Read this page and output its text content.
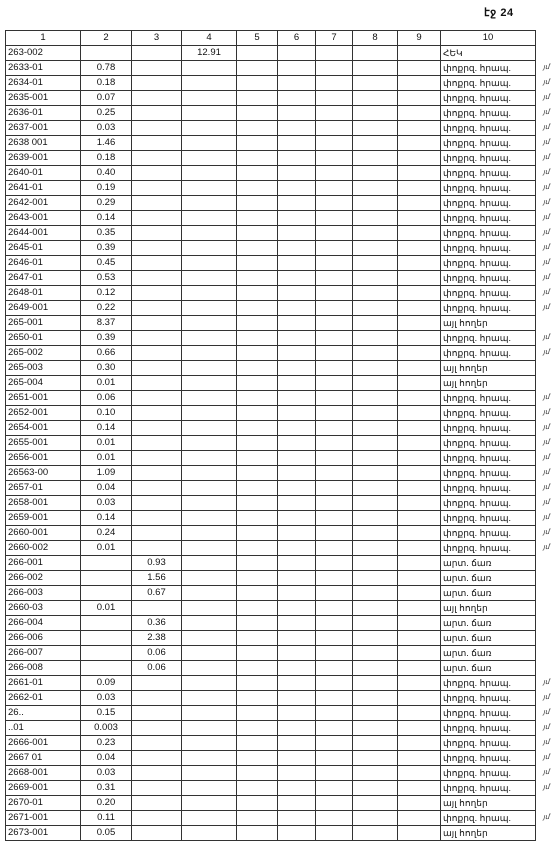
էջ 24
1	2	3	4	5	6	7	8	9	10
263-002			12.91						ՀԵԿ
2633-01	0.78								փոքրզ. հրապ.
2634-01	0.18								փոքրզ. հրապ.
2635-001	0.07								փոքրզ. հրապ.
2636-01	0.25								փոքրզ. հրապ.
2637-001	0.03								փոքրզ. հրապ.
2638 001	1.46								փոքրզ. հրապ.
2639-001	0.18								փոքրզ. հրապ.
2640-01	0.40								փոքրզ. հրապ.
2641-01	0.19								փոքրզ. հրապ.
2642-001	0.29								փոքրզ. հրապ.
2643-001	0.14								փոքրզ. հրապ.
2644-001	0.35								փոքրզ. հրապ.
2645-01	0.39								փոքրզ. հրապ.
2646-01	0.45								փոքրզ. հրապ.
2647-01	0.53								փոքրզ. հրապ.
2648-01	0.12								փոքրզ. հրապ.
2649-001	0.22								փոքրզ. հրապ.
265-001	8.37								այլ հողեր
2650-01	0.39								փոքրզ. հրապ.
265-002	0.66								փոքրզ. հրապ.
265-003	0.30								այլ հողեր
265-004	0.01								այլ հողեր
2651-001	0.06								փոքրզ. հրապ.
2652-001	0.10								փոքրզ. հրապ.
2654-001	0.14								փոքրզ. հրապ.
2655-001	0.01								փոքրզ. հրապ.
2656-001	0.01								փոքրզ. հրապ.
26563-00	1.09								փոքրզ. հրապ.
2657-01	0.04								փոքրզ. հրապ.
2658-001	0.03								փոքրզ. հրապ.
2659-001	0.14								փոքրզ. հրապ.
2660-001	0.24								փոքրզ. հրապ.
2660-002	0.01								փոքրզ. հրապ.
266-001		0.93							արտ. ճառ
266-002		1.56							արտ. ճառ
266-003		0.67							արտ. ճառ
2660-03	0.01								այլ հողեր
266-004		0.36							արտ. ճառ
266-006		2.38							արտ. ճառ
266-007		0.06							արտ. ճառ
266-008		0.06							արտ. ճառ
2661-01	0.09								փոքրզ. հրապ.
2662-01	0.03								փոքրզ. հրապ.
26..	0.15								փոքրզ. հրապ.
..01	0.003								փոքրզ. հրապ.
2666-001	0.23								փոքրզ. հրապ.
2667 01	0.04								փոքրզ. հրապ.
2668-001	0.03								փոքրզ. հրապ.
2669-001	0.31								փոքրզ. հրապ.
2670-01	0.20								այլ հողեր
2671-001	0.11								փոքրզ. հրապ.
2673-001	0.05								այլ հողեր
յմ
յմ
յմ
յմ
յմ
յմ
յմ
յմ
յմ
յմ
յմ
յմ
յմ
յմ
յմ
յմ
յմ
յմ
յմ
յմ
յմ
յմ
յմ
յմ
յմ
յմ
յմ
յմ
յմ
յմ
յմ
յմ
յմ
յմ
յմ
յմ
յմ
յմ
յմ
